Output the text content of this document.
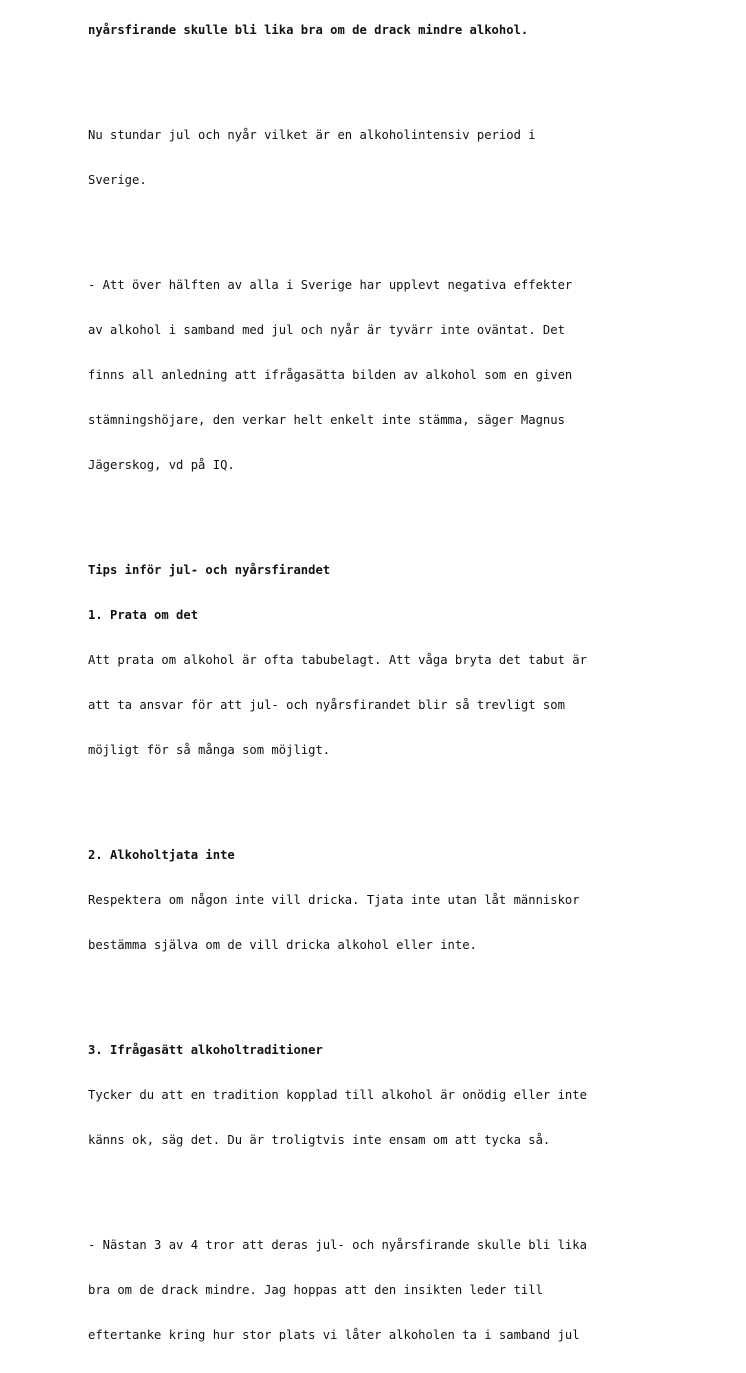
nyårsfirande skulle bli lika bra om de drack mindre alkohol.

Nu stundar jul och nyår vilket är en alkoholintensiv period i

Sverige.

- Att över hälften av alla i Sverige har upplevt negativa effekter

av alkohol i samband med jul och nyår är tyvärr inte oväntat. Det

finns all anledning att ifrågasätta bilden av alkohol som en given

stämningshöjare, den verkar helt enkelt inte stämma, säger Magnus

Jägerskog, vd på IQ.

Tips inför jul- och nyårsfirandet

1. Prata om det

Att prata om alkohol är ofta tabubelagt. Att våga bryta det tabut är

att ta ansvar för att jul- och nyårsfirandet blir så trevligt som

möjligt för så många som möjligt.

2. Alkoholtjata inte

Respektera om någon inte vill dricka. Tjata inte utan låt människor

bestämma själva om de vill dricka alkohol eller inte.

3. Ifrågasätt alkoholtraditioner

Tycker du att en tradition kopplad till alkohol är onödig eller inte

känns ok, säg det. Du är troligtvis inte ensam om att tycka så.

- Nästan 3 av 4 tror att deras jul- och nyårsfirande skulle bli lika

bra om de drack mindre. Jag hoppas att den insikten leder till

eftertanke kring hur stor plats vi låter alkoholen ta i samband jul
